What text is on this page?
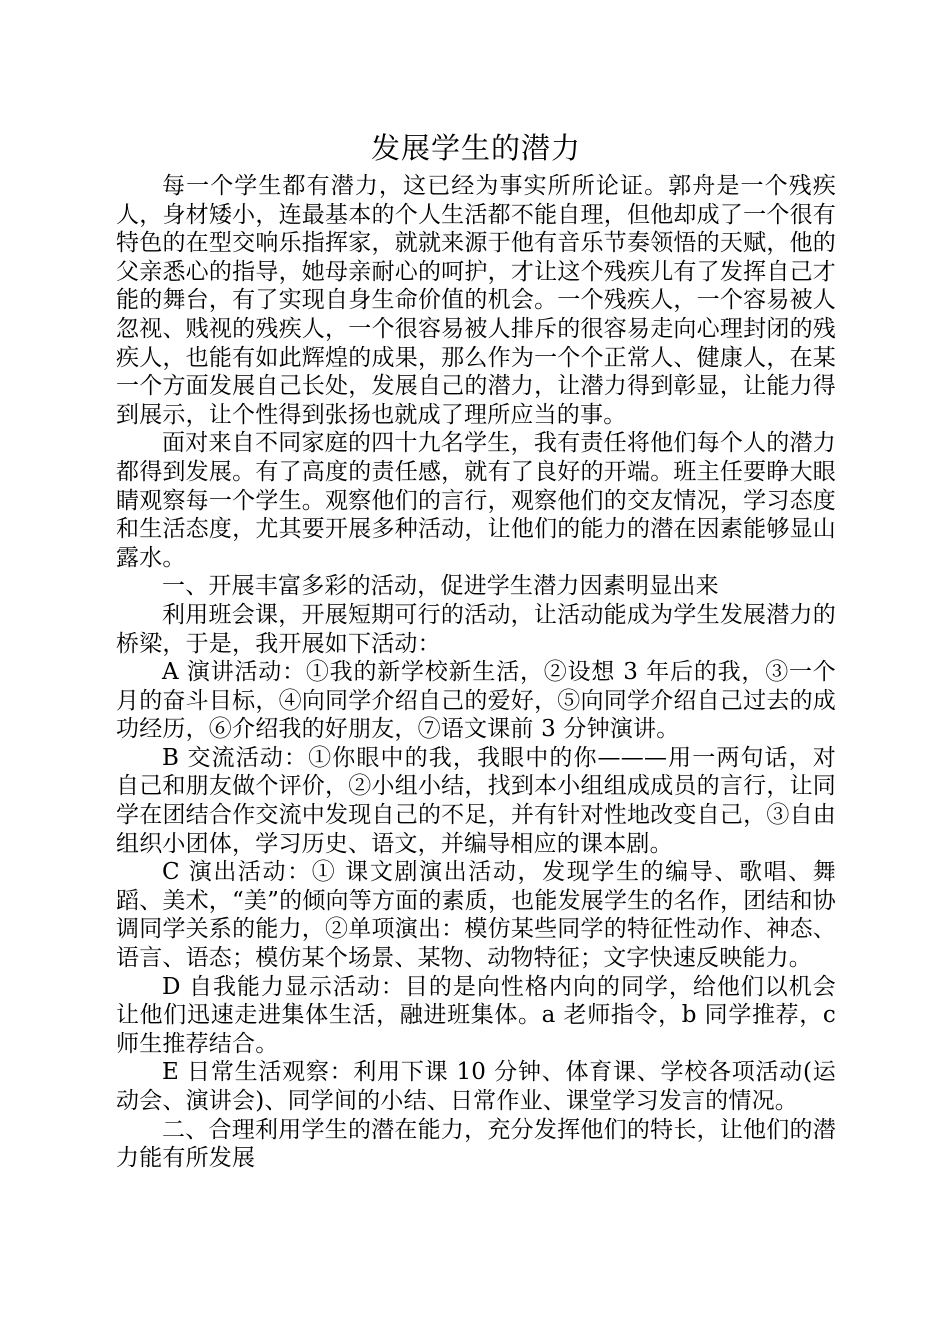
发展学生的潜力

每一个学生都有潜力，这已经为事实所所论证。郭舟是一个残疾人，身材矮小，连最基本的个人生活都不能自理，但他却成了一个很有特色的在型交响乐指挥家，就就来源于他有音乐节奏领悟的天赋，他的父亲悉心的指导，她母亲耐心的呵护，才让这个残疾儿有了发挥自己才能的舞台，有了实现自身生命价值的机会。一个残疾人，一个容易被人忽视、贱视的残疾人，一个很容易被人排斥的很容易走向心理封闭的残疾人，也能有如此辉煌的成果，那么作为一个个正常人、健康人，在某一个方面发展自己长处，发展自己的潜力，让潜力得到彰显，让能力得到展示，让个性得到张扬也就成了理所应当的事。

面对来自不同家庭的四十九名学生，我有责任将他们每个人的潜力都得到发展。有了高度的责任感，就有了良好的开端。班主任要睁大眼睛观察每一个学生。观察他们的言行，观察他们的交友情况，学习态度和生活态度，尤其要开展多种活动，让他们的能力的潜在因素能够显山露水。

一、开展丰富多彩的活动，促进学生潜力因素明显出来

利用班会课，开展短期可行的活动，让活动能成为学生发展潜力的桥梁，于是，我开展如下活动：

A 演讲活动：①我的新学校新生活，②设想 3 年后的我，③一个月的奋斗目标，④向同学介绍自己的爱好，⑤向同学介绍自己过去的成功经历，⑥介绍我的好朋友，⑦语文课前 3 分钟演讲。

B 交流活动：①你眼中的我，我眼中的你———用一两句话，对自己和朋友做个评价，②小组小结，找到本小组组成成员的言行，让同学在团结合作交流中发现自己的不足，并有针对性地改变自己，③自由组织小团体，学习历史、语文，并编导相应的课本剧。

C 演出活动：① 课文剧演出活动，发现学生的编导、歌唱、舞蹈、美术，“美”的倾向等方面的素质，也能发展学生的名作，团结和协调同学关系的能力，②单项演出：模仿某些同学的特征性动作、神态、语言、语态；模仿某个场景、某物、动物特征；文字快速反映能力。

D 自我能力显示活动：目的是向性格内向的同学，给他们以机会让他们迅速走进集体生活，融进班集体。a 老师指令，b 同学推荐，c 师生推荐结合。

E 日常生活观察：利用下课 10 分钟、体育课、学校各项活动(运动会、演讲会)、同学间的小结、日常作业、课堂学习发言的情况。

二、合理利用学生的潜在能力，充分发挥他们的特长，让他们的潜力能有所发展
